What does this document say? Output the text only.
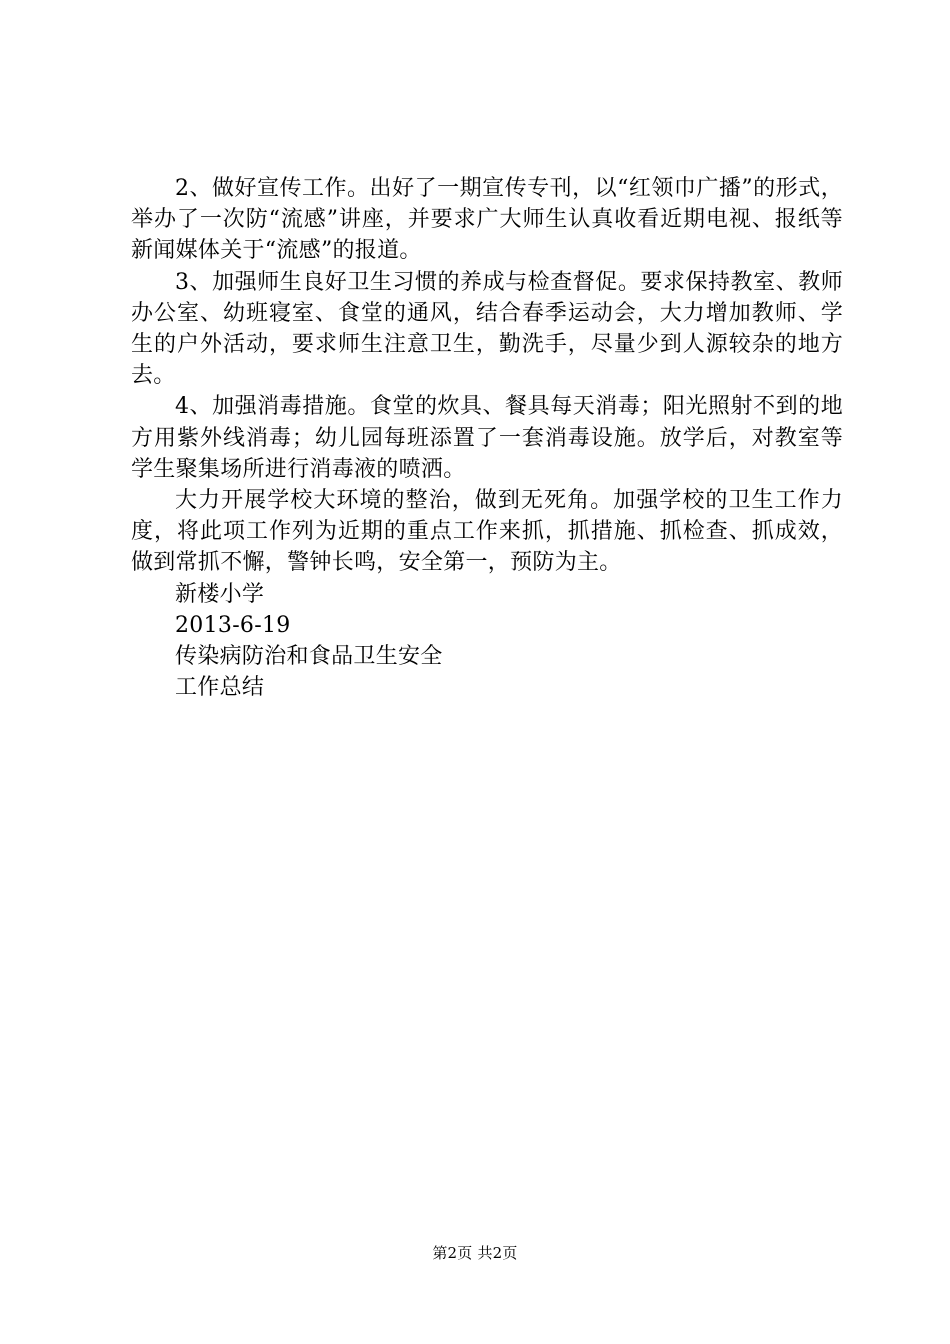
2、做好宣传工作。出好了一期宣传专刊，以“红领巾广播”的形式，举办了一次防“流感”讲座，并要求广大师生认真收看近期电视、报纸等新闻媒体关于“流感”的报道。

3、加强师生良好卫生习惯的养成与检查督促。要求保持教室、教师办公室、幼班寝室、食堂的通风，结合春季运动会，大力增加教师、学生的户外活动，要求师生注意卫生，勤洗手，尽量少到人源较杂的地方去。

4、加强消毒措施。食堂的炊具、餐具每天消毒；阳光照射不到的地方用紫外线消毒；幼儿园每班添置了一套消毒设施。放学后，对教室等学生聚集场所进行消毒液的喷洒。

大力开展学校大环境的整治，做到无死角。加强学校的卫生工作力度，将此项工作列为近期的重点工作来抓，抓措施、抓检查、抓成效，做到常抓不懈，警钟长鸣，安全第一，预防为主。

新楼小学

2013-6-19

传染病防治和食品卫生安全

工作总结

第2页 共2页
